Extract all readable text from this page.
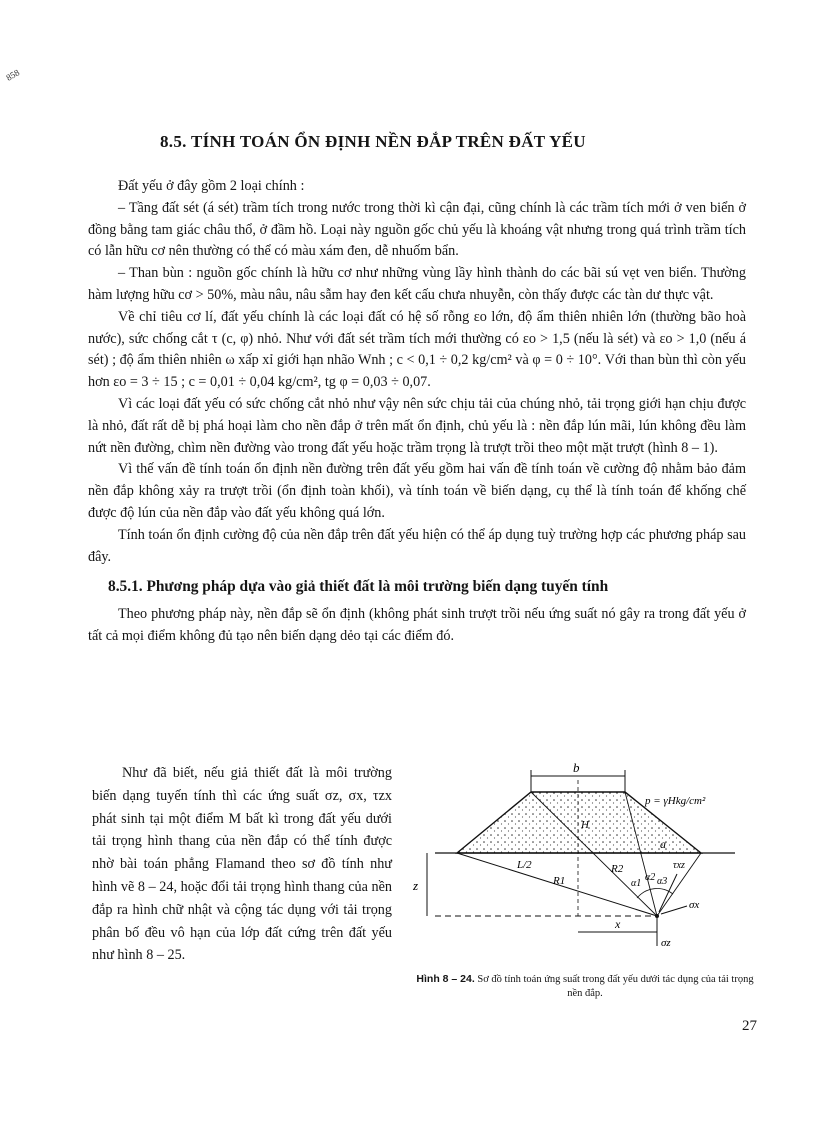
858
8.5. TÍNH TOÁN ỔN ĐỊNH NỀN ĐẮP TRÊN ĐẤT YẾU

Đất yếu ở đây gồm 2 loại chính :

– Tầng đất sét (á sét) trầm tích trong nước trong thời kì cận đại, cũng chính là các trầm tích mới ở ven biển ở đồng bằng tam giác châu thổ, ở đầm hồ. Loại này nguồn gốc chủ yếu là khoáng vật nhưng trong quá trình trầm tích có lẫn hữu cơ nên thường có thể có màu xám đen, dễ nhuốm bẩn.

– Than bùn : nguồn gốc chính là hữu cơ như những vùng lầy hình thành do các bãi sú vẹt ven biển. Thường hàm lượng hữu cơ > 50%, màu nâu, nâu sẫm hay đen kết cấu chưa nhuyễn, còn thấy được các tàn dư thực vật.

Về chỉ tiêu cơ lí, đất yếu chính là các loại đất có hệ số rỗng εo lớn, độ ẩm thiên nhiên lớn (thường bão hoà nước), sức chống cắt τ (c, φ) nhỏ. Như với đất sét trầm tích mới thường có εo > 1,5 (nếu là sét) và εo > 1,0 (nếu á sét) ; độ ẩm thiên nhiên ω xấp xỉ giới hạn nhão Wnh ; c < 0,1 ÷ 0,2 kg/cm² và φ = 0 ÷ 10°. Với than bùn thì còn yếu hơn εo = 3 ÷ 15 ; c = 0,01 ÷ 0,04 kg/cm², tg φ = 0,03 ÷ 0,07.

Vì các loại đất yếu có sức chống cắt nhỏ như vậy nên sức chịu tải của chúng nhỏ, tải trọng giới hạn chịu được là nhỏ, đất rất dễ bị phá hoại làm cho nền đắp ở trên mất ổn định, chủ yếu là : nền đắp lún mãi, lún không đều làm nứt nền đường, chìm nền đường vào trong đất yếu hoặc trầm trọng là trượt trồi theo một mặt trượt (hình 8 – 1).

Vì thế vấn đề tính toán ổn định nền đường trên đất yếu gồm hai vấn đề tính toán về cường độ nhằm bảo đảm nền đắp không xảy ra trượt trồi (ổn định toàn khối), và tính toán về biến dạng, cụ thể là tính toán để khống chế được độ lún của nền đắp vào đất yếu không quá lớn.

Tính toán ổn định cường độ của nền đắp trên đất yếu hiện có thể áp dụng tuỳ trường hợp các phương pháp sau đây.

8.5.1. Phương pháp dựa vào giả thiết đất là môi trường biến dạng tuyến tính

Theo phương pháp này, nền đắp sẽ ổn định (không phát sinh trượt trồi nếu ứng suất nó gây ra trong đất yếu ở tất cả mọi điểm không đủ tạo nên biến dạng dẻo tại các điểm đó.

Như đã biết, nếu giả thiết đất là môi trường biến dạng tuyến tính thì các ứng suất σz, σx, τzx phát sinh tại một điểm M bất kì trong đất yếu dưới tải trọng hình thang của nền đắp có thể tính được nhờ bài toán phẳng Flamand theo sơ đồ tính như hình vẽ 8 – 24, hoặc đổi tải trọng hình thang của nền đắp ra hình chữ nhật và cộng tác dụng với tải trọng phân bố đều vô hạn của lớp đất cứng trên đất yếu như hình 8 – 25.

b
p = γHkg/cm²
H
a
L/2
R1
R2
α1
α2 α3
τxz
σx
σz
z
x
Hình 8 – 24. Sơ đồ tính toán ứng suất trong đất yếu dưới tác dụng của tải trọng nền đắp.
27
